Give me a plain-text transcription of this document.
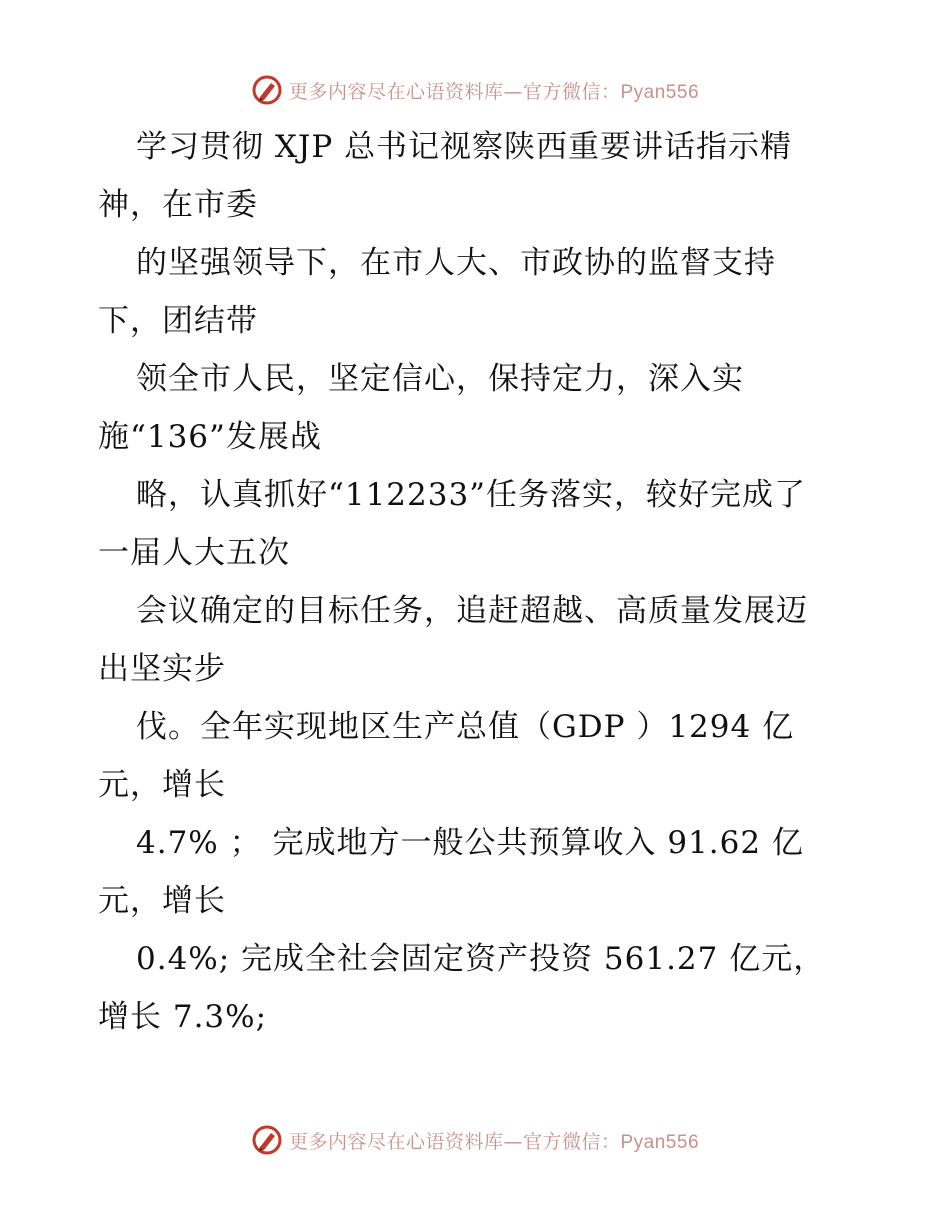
更多内容尽在心语资料库—官方微信：Pyan556
学习贯彻 XJP 总书记视察陕西重要讲话指示精
神，在市委
的坚强领导下，在市人大、市政协的监督支持
下，团结带
领全市人民，坚定信心，保持定力，深入实
施“136”发展战
略，认真抓好“112233”任务落实，较好完成了
一届人大五次
会议确定的目标任务，追赶超越、高质量发展迈
出坚实步
伐。全年实现地区生产总值（GDP ）1294 亿
元，增长
4.7% ； 完成地方一般公共预算收入 91.62 亿
元，增长
0.4%; 完成全社会固定资产投资 561.27 亿元，
增长 7.3%;
更多内容尽在心语资料库—官方微信：Pyan556
